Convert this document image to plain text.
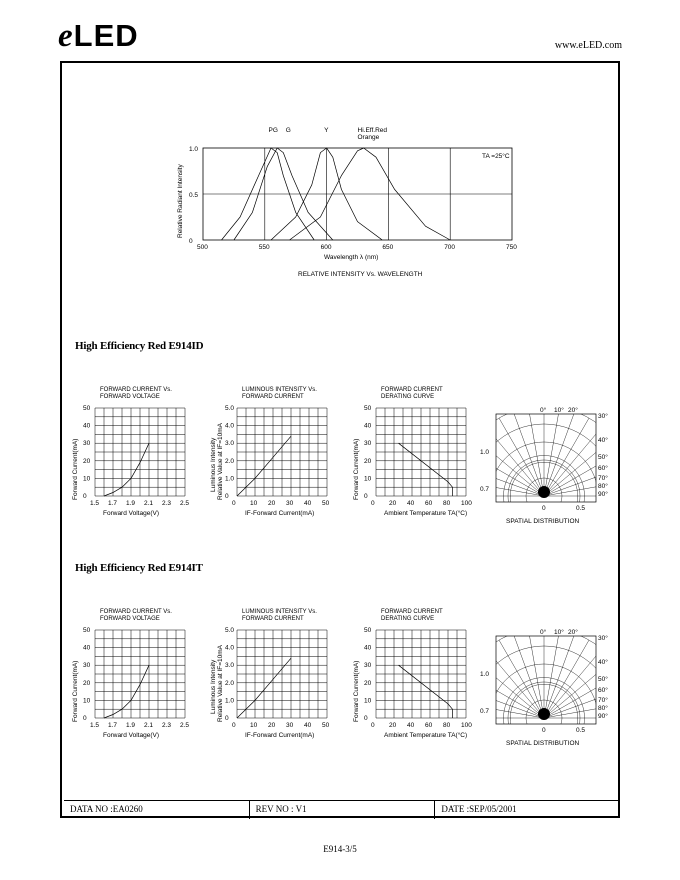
eLED	www.eLED.com
500	550	600	650	700	750
0
0.5
1.0
PG G	Y	Hi.Eff.Red
Orange
TA =25°C
Relative Radiant Intensity
Wavelength λ (nm)
RELATIVE INTENSITY Vs. WAVELENGTH
High Efficiency Red E914ID
High Efficiency Red E914IT
FORWARD CURRENT Vs.
FORWARD VOLTAGE
1.5 1.7 1.9 2.1 2.3 2.5
0
10
20
30
40
50
Forward Voltage(V)
Forward Current(mA)
LUMINOUS INTENSITY Vs.
FORWARD CURRENT
0 10 20 30 40 50
0
1.0
2.0
3.0
4.0
5.0
IF-Forward Current(mA)
Luminous Intensity Relative Value at IF=10mA
FORWARD CURRENT
DERATING CURVE
0 20 40 60 80 100
0
10
20
30
40
50
Ambient Temperature TA(°C)
Forward Current(mA)
0° 10° 20°
30°
40°
50°
60°
70°
80°
90°
1.0
0.7
0	0.5
SPATIAL DISTRIBUTION
FORWARD CURRENT Vs.
FORWARD VOLTAGE
1.5 1.7 1.9 2.1 2.3 2.5
0
10
20
30
40
50
Forward Voltage(V)
Forward Current(mA)
LUMINOUS INTENSITY Vs.
FORWARD CURRENT
0 10 20 30 40 50
0
1.0
2.0
3.0
4.0
5.0
IF-Forward Current(mA)
Luminous Intensity Relative Value at IF=10mA
FORWARD CURRENT
DERATING CURVE
0 20 40 60 80 100
0
10
20
30
40
50
Ambient Temperature TA(°C)
Forward Current(mA)
0° 10° 20°
30°
40°
50°
60°
70°
80°
90°
1.0
0.7
0	0.5
SPATIAL DISTRIBUTION
DATA NO :EA0260	REV NO : V1	DATE :SEP/05/2001
E914-3/5
